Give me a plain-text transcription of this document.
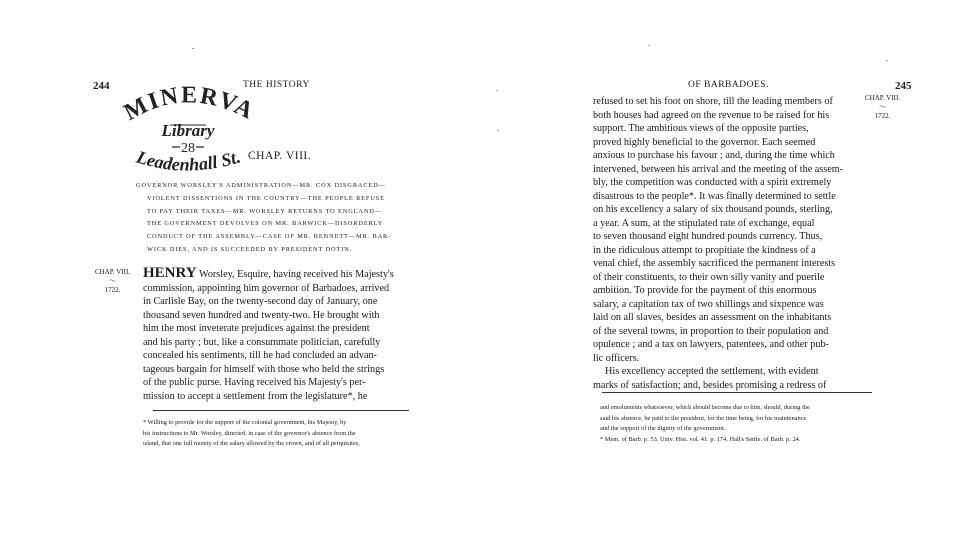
244	THE HISTORY
MINERVA
Library
28
Leadenhall St. CHAP. VIII.

GOVERNOR WORSLEY'S ADMINISTRATION—MR. COX DISGRACED—
VIOLENT DISSENTIONS IN THE COUNTRY—THE PEOPLE REFUSE
TO PAY THEIR TAXES—MR. WORSLEY RETURNS TO ENGLAND—
THE GOVERNMENT DEVOLVES ON MR. BARWICK—DISORDERLY
CONDUCT OF THE ASSEMBLY—CASE OF MR. BENNETT—MR. BAR-
WICK DIES, AND IS SUCCEEDED BY PRESIDENT DOTIN.

CHAP. VIII.
〜
1722.

HENRY Worsley, Esquire, having received his Majesty's
commission, appointing him governor of Barbadoes, arrived
in Carlisle Bay, on the twenty-second day of January, one
thousand seven hundred and twenty-two. He brought with
him the most inveterate prejudices against the president
and his party ; but, like a consummate politician, carefully
concealed his sentiments, till he had concluded an advan-
tageous bargain for himself with those who held the strings
of the public purse. Having received his Majesty's per-
mission to accept a settlement from the legislature*, he

* Willing to provide for the support of the colonial government, his Majesty, by
his instructions to Mr. Worsley, directed, in case of the governor's absence from the
island, that one full moiety of the salary allowed by the crown, and of all perquisites,

OF BARBADOES.	245
CHAP. VIII.
〜
1722.

refused to set his foot on shore, till the leading members of
both houses had agreed on the revenue to be raised for his
support. The ambitious views of the opposite parties,
proved highly beneficial to the governor. Each seemed
anxious to purchase his favour ; and, during the time which
intervened, between his arrival and the meeting of the assem-
bly, the competition was conducted with a spirit extremely
disastrous to the people*. It was finally determined to settle
on his excellency a salary of six thousand pounds, sterling,
a year. A sum, at the stipulated rate of exchange, equal
to seven thousand eight hundred pounds currency. Thus,
in the ridiculous attempt to propitiate the kindness of a
venal chief, the assembly sacrificed the permanent interests
of their constituents, to their own silly vanity and puerile
ambition. To provide for the payment of this enormous
salary, a capitation tax of two shillings and sixpence was
laid on all slaves, besides an assessment on the inhabitants
of the several towns, in proportion to their population and
opulence ; and a tax on lawyers, patentees, and other pub-
lic officers.
His excellency accepted the settlement, with evident
marks of satisfaction; and, besides promising a redress of

and emoluments whatsoever, which should become due to him, should, during the
said his absence, be paid to the president, for the time being, for his maintenance
and the support of the dignity of the government.
* Mem. of Barb. p. 53. Univ. Hist. vol. 41. p. 174. Hall's Settle. of Barb. p. 24.
